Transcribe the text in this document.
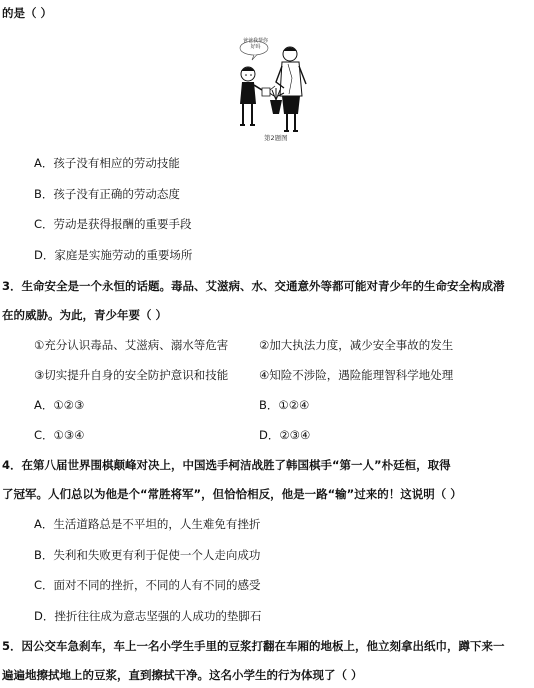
的是（ ）
爸爸我帮你
好吗
第2题图
A．孩子没有相应的劳动技能
B．孩子没有正确的劳动态度
C．劳动是获得报酬的重要手段
D．家庭是实施劳动的重要场所
3．生命安全是一个永恒的话题。毒品、艾滋病、水、交通意外等都可能对青少年的生命安全构成潜
在的威胁。为此，青少年要（ ）
①充分认识毒品、艾滋病、溺水等危害	②加大执法力度，减少安全事故的发生
③切实提升自身的安全防护意识和技能	④知险不涉险，遇险能理智科学地处理
A．①②③	B．①②④
C．①③④	D．②③④
4．在第八届世界围棋颠峰对决上，中国选手柯洁战胜了韩国棋手“第一人”朴廷桓，取得
了冠军。人们总以为他是个“常胜将军”，但恰恰相反，他是一路“输”过来的！这说明（ ）
A．生活道路总是不平坦的，人生难免有挫折
B．失利和失败更有利于促使一个人走向成功
C．面对不同的挫折，不同的人有不同的感受
D．挫折往往成为意志坚强的人成功的垫脚石
5．因公交车急刹车，车上一名小学生手里的豆浆打翻在车厢的地板上，他立刻拿出纸巾，蹲下来一
遍遍地擦拭地上的豆浆，直到擦拭干净。这名小学生的行为体现了（ ）
